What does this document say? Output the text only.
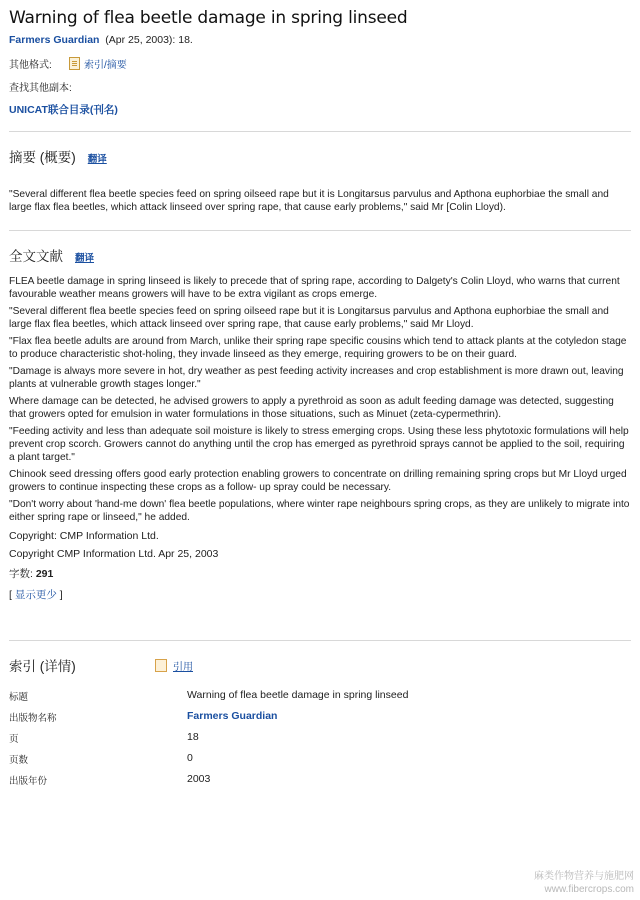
Warning of flea beetle damage in spring linseed
Farmers Guardian (Apr 25, 2003): 18.
其他格式:	索引/摘要
查找其他副本:
UNICAT联合目录(刊名)
摘要 (概要) 翻译

"Several different flea beetle species feed on spring oilseed rape but it is Longitarsus parvulus and Apthona euphorbiae the small and large flax flea beetles, which attack linseed over spring rape, that cause early problems," said Mr [Colin Lloyd).

全文文献 翻译

FLEA beetle damage in spring linseed is likely to precede that of spring rape, according to Dalgety's Colin Lloyd, who warns that current favourable weather means growers will have to be extra vigilant as crops emerge.

"Several different flea beetle species feed on spring oilseed rape but it is Longitarsus parvulus and Apthona euphorbiae the small and large flax flea beetles, which attack linseed over spring rape, that cause early problems," said Mr Lloyd.

"Flax flea beetle adults are around from March, unlike their spring rape specific cousins which tend to attack plants at the cotyledon stage to produce characteristic shot-holing, they invade linseed as they emerge, requiring growers to be on their guard.

"Damage is always more severe in hot, dry weather as pest feeding activity increases and crop establishment is more drawn out, leaving plants at vulnerable growth stages longer."

Where damage can be detected, he advised growers to apply a pyrethroid as soon as adult feeding damage was detected, suggesting that growers opted for emulsion in water formulations in those situations, such as Minuet (zeta-cypermethrin).

"Feeding activity and less than adequate soil moisture is likely to stress emerging crops. Using these less phytotoxic formulations will help prevent crop scorch. Growers cannot do anything until the crop has emerged as pyrethroid sprays cannot be applied to the soil, requiring a plant target."

Chinook seed dressing offers good early protection enabling growers to concentrate on drilling remaining spring crops but Mr Lloyd urged growers to continue inspecting these crops as a follow- up spray could be necessary.

"Don't worry about 'hand-me down' flea beetle populations, where winter rape neighbours spring crops, as they are unlikely to migrate into either spring rape or linseed," he added.

Copyright: CMP Information Ltd.
Copyright CMP Information Ltd. Apr 25, 2003
字数: 291
[ 显示更少 ]
索引 (详情)	引用
标题	Warning of flea beetle damage in spring linseed
出版物名称	Farmers Guardian
页	18
页数	0
出版年份	2003
麻类作物营养与施肥网
www.fibercrops.com
